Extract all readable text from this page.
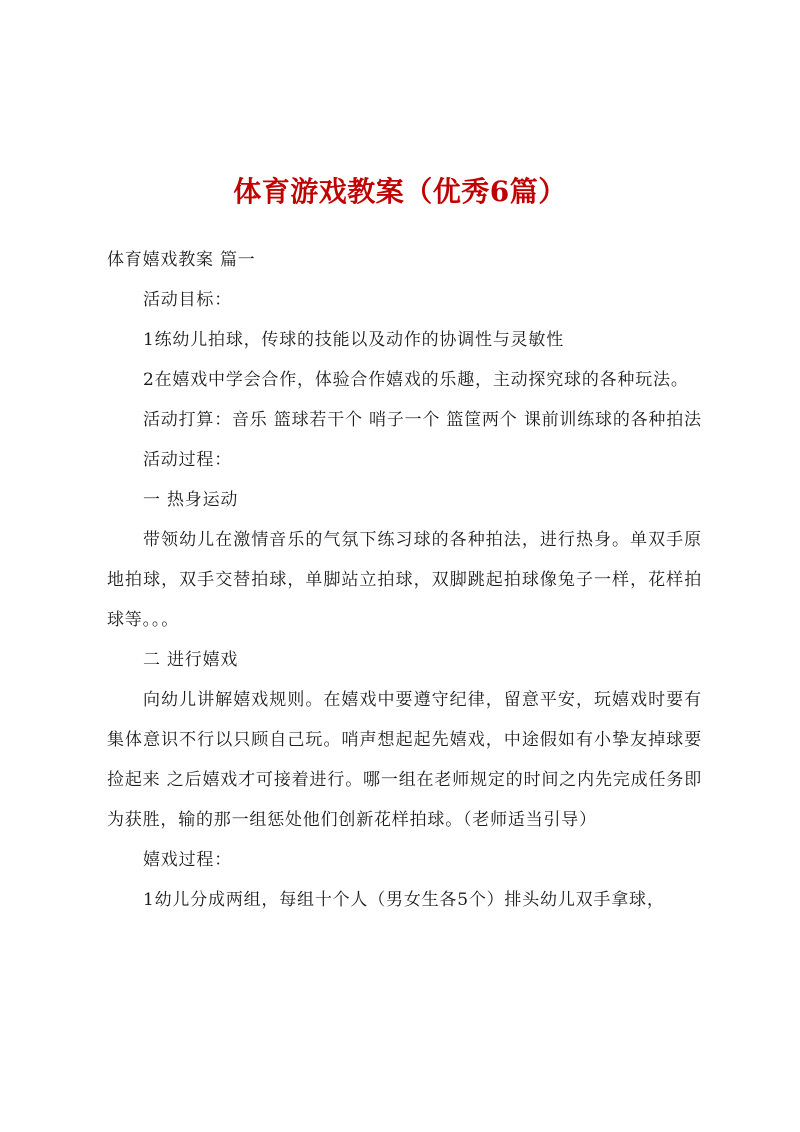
体育游戏教案（优秀6篇）

体育嬉戏教案 篇一

活动目标：

1练幼儿拍球，传球的技能以及动作的协调性与灵敏性

2在嬉戏中学会合作，体验合作嬉戏的乐趣，主动探究球的各种玩法。

活动打算：音乐 篮球若干个 哨子一个 篮筐两个 课前训练球的各种拍法

活动过程：

一 热身运动

带领幼儿在激情音乐的气氛下练习球的各种拍法，进行热身。单双手原地拍球，双手交替拍球，单脚站立拍球，双脚跳起拍球像兔子一样，花样拍球等。。。

二 进行嬉戏

向幼儿讲解嬉戏规则。在嬉戏中要遵守纪律，留意平安，玩嬉戏时要有集体意识不行以只顾自己玩。哨声想起起先嬉戏，中途假如有小挚友掉球要捡起来 之后嬉戏才可接着进行。哪一组在老师规定的时间之内先完成任务即为获胜，输的那一组惩处他们创新花样拍球。（老师适当引导）

嬉戏过程：

1幼儿分成两组，每组十个人（男女生各5个）排头幼儿双手拿球，
